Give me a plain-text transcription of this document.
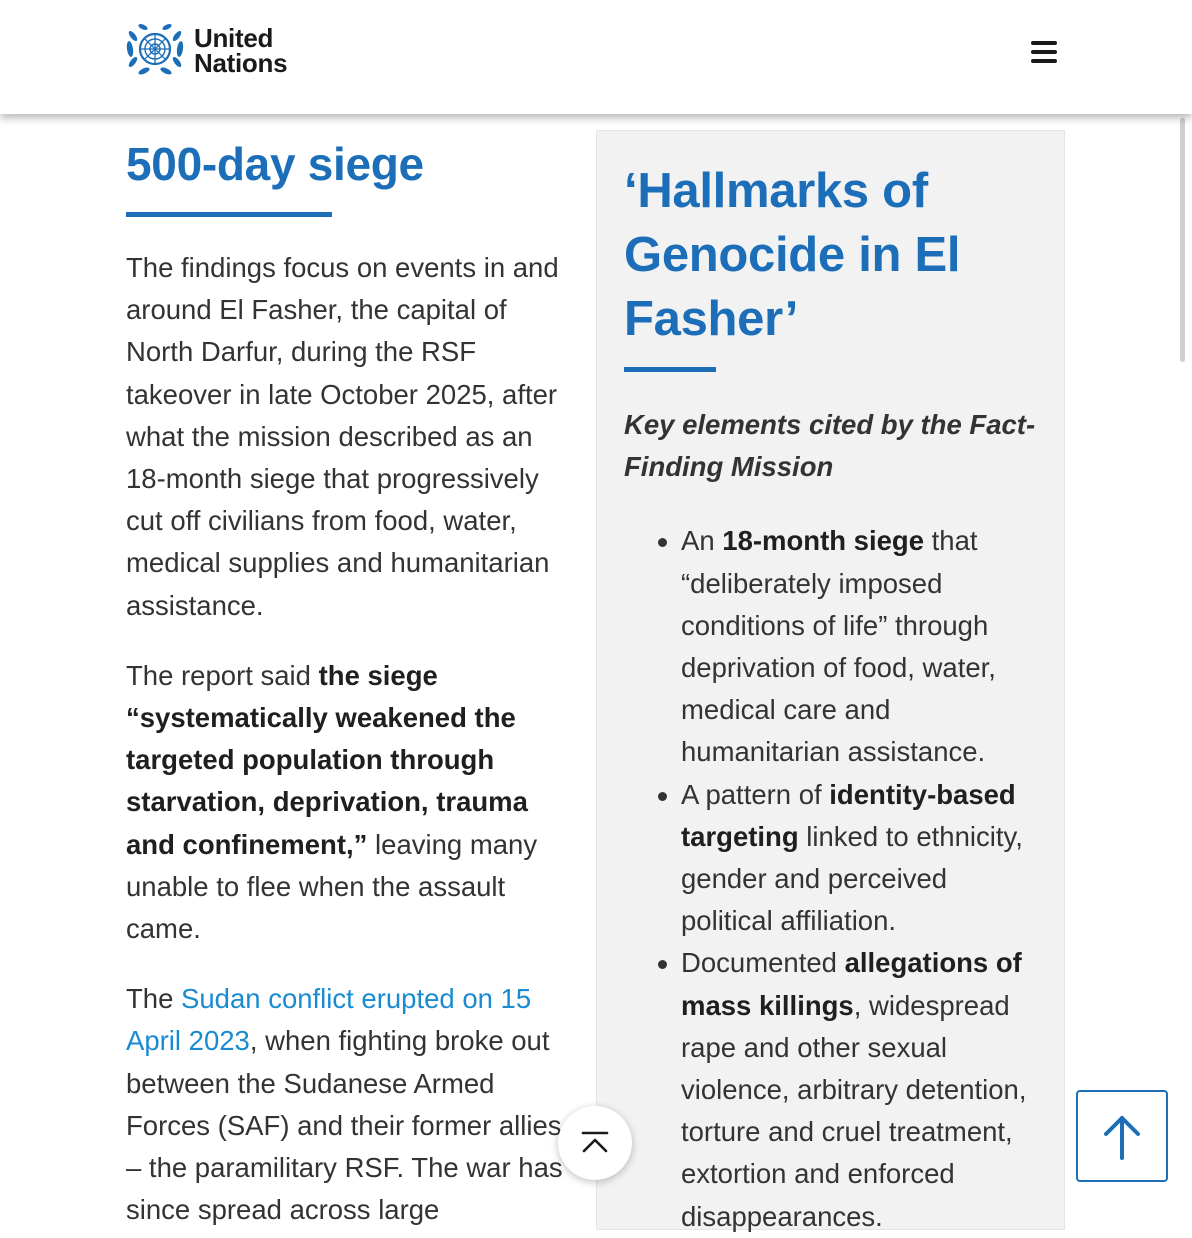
United
Nations
500-day siege

The findings focus on events in and around El Fasher, the capital of North Darfur, during the RSF takeover in late October 2025, after what the mission described as an 18-month siege that progressively cut off civilians from food, water, medical supplies and humanitarian assistance.

The report said the siege “systematically weakened the targeted population through starvation, deprivation, trauma and confinement,” leaving many unable to flee when the assault came.

The Sudan conflict erupted on 15 April 2023, when fighting broke out between the Sudanese Armed Forces (SAF) and their former allies – the paramilitary RSF. The war has since spread across large

‘Hallmarks of Genocide in El Fasher’

Key elements cited by the Fact-Finding Mission

An 18-month siege that “deliberately imposed conditions of life” through deprivation of food, water, medical care and humanitarian assistance.
A pattern of identity-based targeting linked to ethnicity, gender and perceived political affiliation.
Documented allegations of mass killings, widespread rape and other sexual violence, arbitrary detention, torture and cruel treatment, extortion and enforced disappearances.
